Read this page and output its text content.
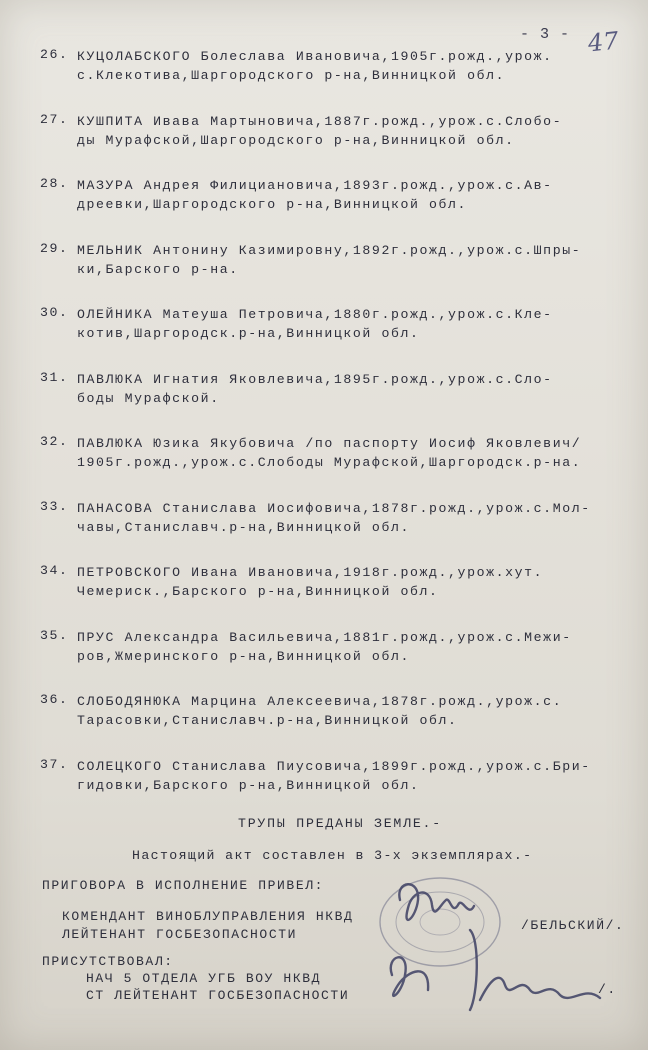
- 3 - 47
26. КУЦОЛАБСКОГО Болеслава Ивановича,1905г.рожд.,урож.
с.Клекотива,Шаргородского р-на,Винницкой обл.
27. КУШПИТА Ивава Мартыновича,1887г.рожд.,урож.с.Слобо-
ды Мурафской,Шаргородского р-на,Винницкой обл.
28. МАЗУРА Андрея Филициановича,1893г.рожд.,урож.с.Ав-
дреевки,Шаргородского р-на,Винницкой обл.
29. МЕЛЬНИК Антонину Казимировну,1892г.рожд.,урож.с.Шпры-
ки,Барского р-на.
30. ОЛЕЙНИКА Матеуша Петровича,1880г.рожд.,урож.с.Кле-
котив,Шаргородск.р-на,Винницкой обл.
31. ПАВЛЮКА Игнатия Яковлевича,1895г.рожд.,урож.с.Сло-
боды Мурафской.
32. ПАВЛЮКА Юзика Якубовича /по паспорту Иосиф Яковлевич/
1905г.рожд.,урож.с.Слободы Мурафской,Шаргородск.р-на.
33. ПАНАСОВА Станислава Иосифовича,1878г.рожд.,урож.с.Мол-
чавы,Станиславч.р-на,Винницкой обл.
34. ПЕТРОВСКОГО Ивана Ивановича,1918г.рожд.,урож.хут.
Чемериск.,Барского р-на,Винницкой обл.
35. ПРУС Александра Васильевича,1881г.рожд.,урож.с.Межи-
ров,Жмеринского р-на,Винницкой обл.
36. СЛОБОДЯНЮКА Марцина Алексеевича,1878г.рожд.,урож.с.
Тарасовки,Станиславч.р-на,Винницкой обл.
37. СОЛЕЦКОГО Станислава Пиусовича,1899г.рожд.,урож.с.Бри-
гидовки,Барского р-на,Винницкой обл.
ТРУПЫ ПРЕДАНЫ ЗЕМЛЕ.-
Настоящий акт составлен в 3-х экземплярах.-
ПРИГОВОРА В ИСПОЛНЕНИЕ ПРИВЕЛ:
КОМЕНДАНТ ВИНОБЛУПРАВЛЕНИЯ НКВД
ЛЕЙТЕНАНТ ГОСБЕЗОПАСНОСТИ
/БЕЛЬСКИЙ/.
ПРИСУТСТВОВАЛ:
НАЧ 5 ОТДЕЛА УГБ ВОУ НКВД
СТ ЛЕЙТЕНАНТ ГОСБЕЗОПАСНОСТИ	/.
